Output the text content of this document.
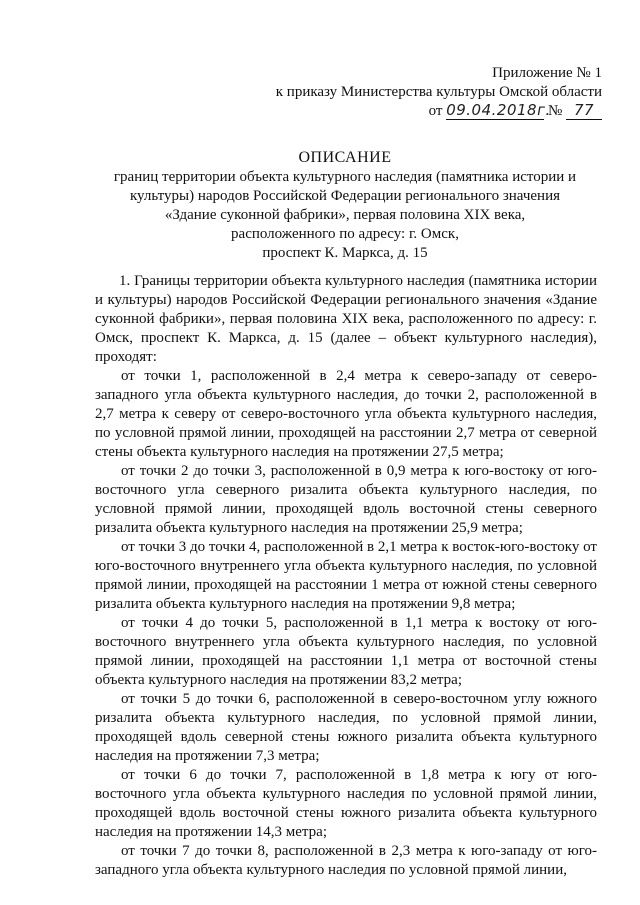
Приложение № 1
к приказу Министерства культуры Омской области
от 09.04.2018г. № 77
ОПИСАНИЕ
границ территории объекта культурного наследия (памятника истории и
культуры) народов Российской Федерации регионального значения
«Здание суконной фабрики», первая половина XIX века,
расположенного по адресу: г. Омск,
проспект К. Маркса, д. 15

1. Границы территории объекта культурного наследия (памятника истории и культуры) народов Российской Федерации регионального значения «Здание суконной фабрики», первая половина XIX века, расположенного по адресу: г. Омск, проспект К. Маркса, д. 15 (далее – объект культурного наследия), проходят:

от точки 1, расположенной в 2,4 метра к северо-западу от северо-западного угла объекта культурного наследия, до точки 2, расположенной в 2,7 метра к северу от северо-восточного угла объекта культурного наследия, по условной прямой линии, проходящей на расстоянии 2,7 метра от северной стены объекта культурного наследия на протяжении 27,5 метра;

от точки 2 до точки 3, расположенной в 0,9 метра к юго-востоку от юго-восточного угла северного ризалита объекта культурного наследия, по условной прямой линии, проходящей вдоль восточной стены северного ризалита объекта культурного наследия на протяжении 25,9 метра;

от точки 3 до точки 4, расположенной в 2,1 метра к восток-юго-востоку от юго-восточного внутреннего угла объекта культурного наследия, по условной прямой линии, проходящей на расстоянии 1 метра от южной стены северного ризалита объекта культурного наследия на протяжении 9,8 метра;

от точки 4 до точки 5, расположенной в 1,1 метра к востоку от юго-восточного внутреннего угла объекта культурного наследия, по условной прямой линии, проходящей на расстоянии 1,1 метра от восточной стены объекта культурного наследия на протяжении 83,2 метра;

от точки 5 до точки 6, расположенной в северо-восточном углу южного ризалита объекта культурного наследия, по условной прямой линии, проходящей вдоль северной стены южного ризалита объекта культурного наследия на протяжении 7,3 метра;

от точки 6 до точки 7, расположенной в 1,8 метра к югу от юго-восточного угла объекта культурного наследия по условной прямой линии, проходящей вдоль восточной стены южного ризалита объекта культурного наследия на протяжении 14,3 метра;

от точки 7 до точки 8, расположенной в 2,3 метра к юго-западу от юго-западного угла объекта культурного наследия по условной прямой линии,
